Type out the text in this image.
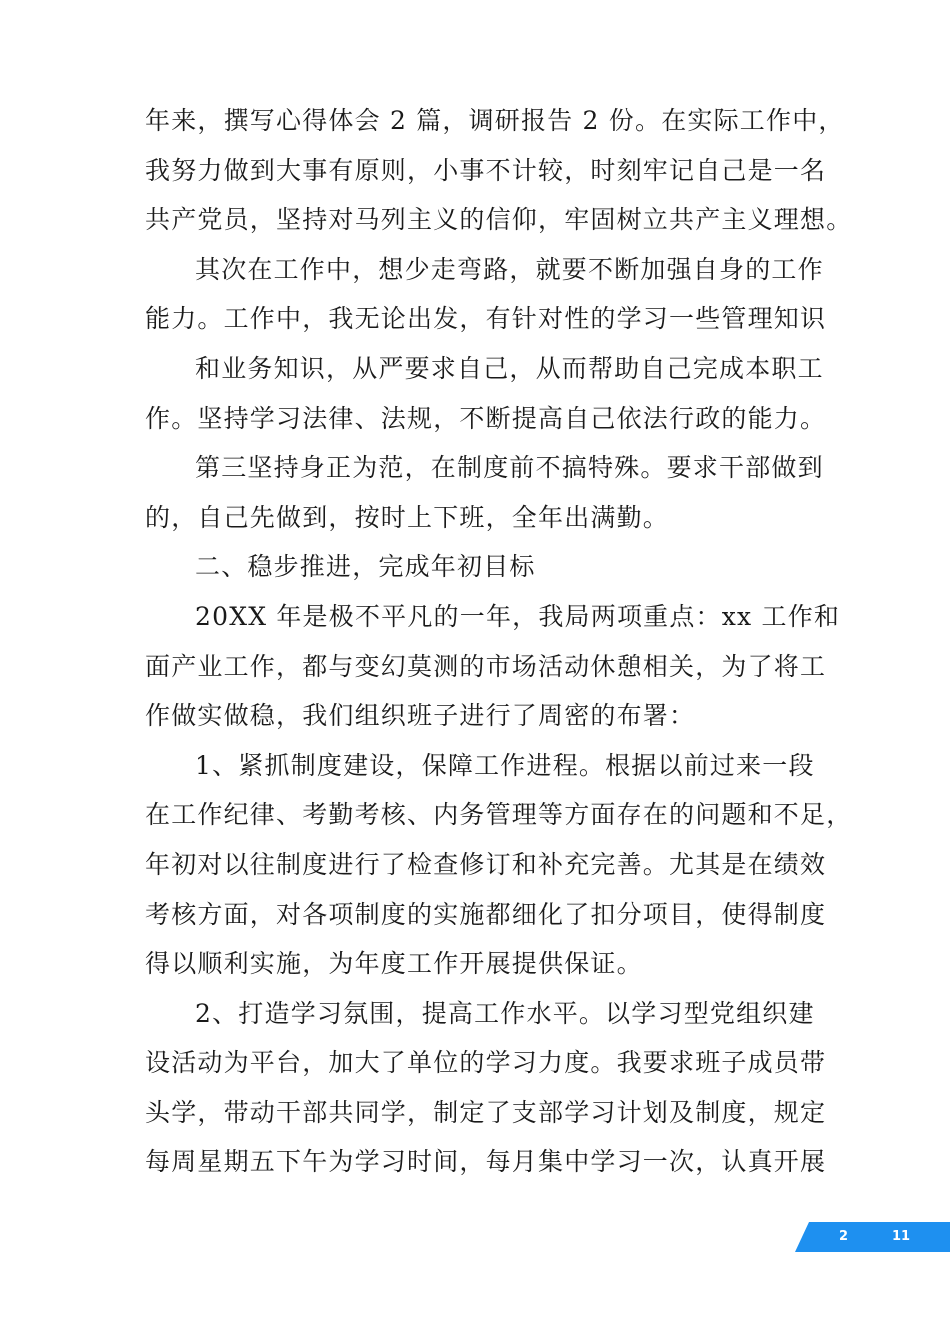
年来，撰写心得体会 2 篇，调研报告 2 份。在实际工作中，
我努力做到大事有原则，小事不计较，时刻牢记自己是一名
共产党员，坚持对马列主义的信仰，牢固树立共产主义理想。
其次在工作中，想少走弯路，就要不断加强自身的工作
能力。工作中，我无论出发，有针对性的学习一些管理知识
和业务知识，从严要求自己，从而帮助自己完成本职工
作。坚持学习法律、法规，不断提高自己依法行政的能力。
第三坚持身正为范，在制度前不搞特殊。要求干部做到
的，自己先做到，按时上下班，全年出满勤。
二、稳步推进，完成年初目标
20XX 年是极不平凡的一年，我局两项重点：xx 工作和
面产业工作，都与变幻莫测的市场活动休憩相关，为了将工
作做实做稳，我们组织班子进行了周密的布署：
1、紧抓制度建设，保障工作进程。根据以前过来一段
在工作纪律、考勤考核、内务管理等方面存在的问题和不足，
年初对以往制度进行了检查修订和补充完善。尤其是在绩效
考核方面，对各项制度的实施都细化了扣分项目，使得制度
得以顺利实施，为年度工作开展提供保证。
2、打造学习氛围，提高工作水平。以学习型党组织建
设活动为平台，加大了单位的学习力度。我要求班子成员带
头学，带动干部共同学，制定了支部学习计划及制度，规定
每周星期五下午为学习时间，每月集中学习一次，认真开展
2	11
